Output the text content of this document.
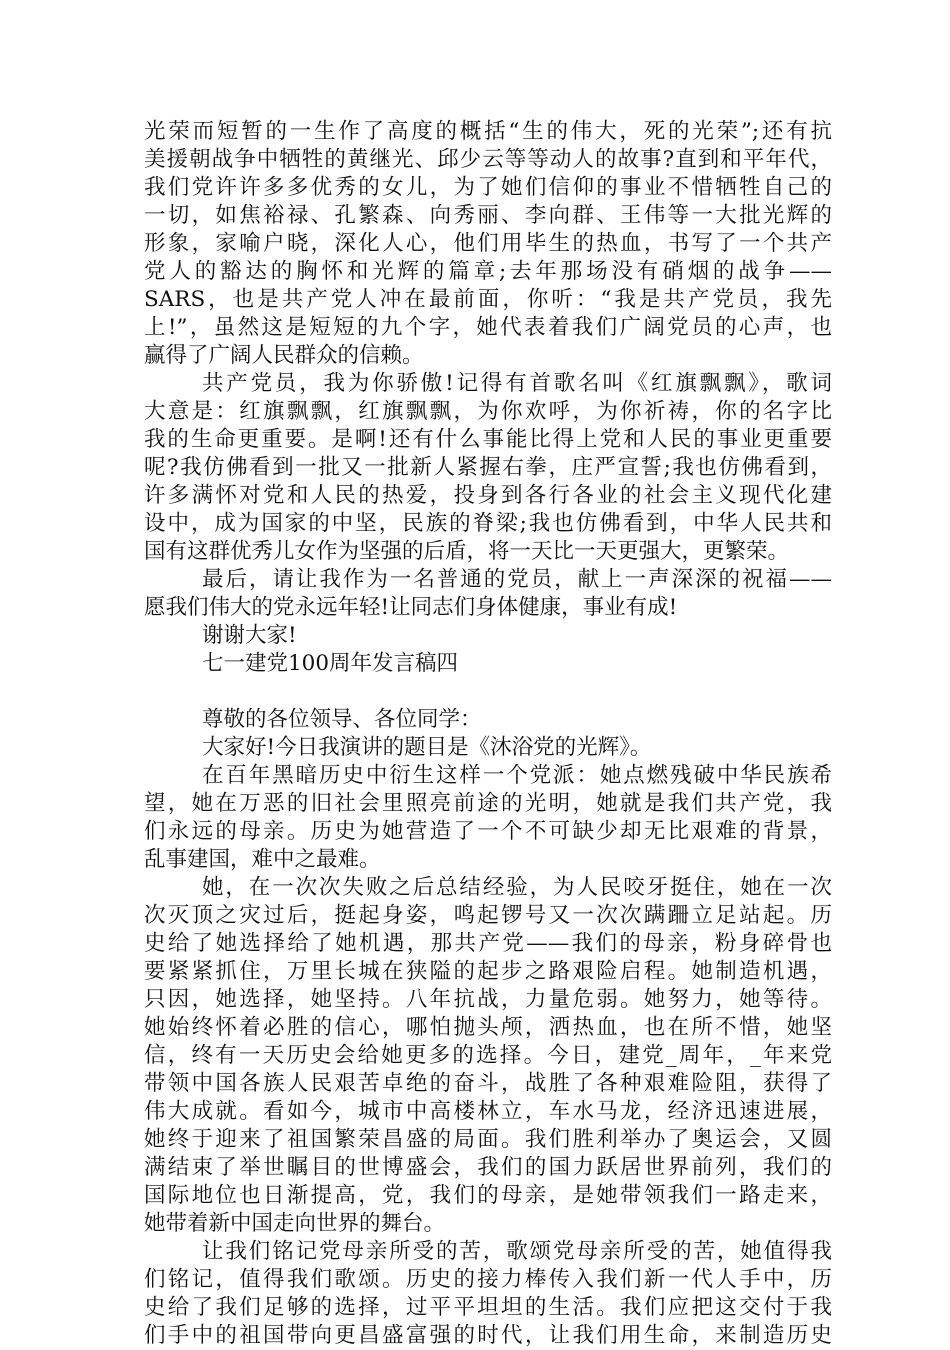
光荣而短暂的一生作了高度的概括“生的伟大，死的光荣”;还有抗
美援朝战争中牺牲的黄继光、邱少云等等动人的故事?直到和平年代，
我们党许许多多优秀的女儿，为了她们信仰的事业不惜牺牲自己的
一切，如焦裕禄、孔繁森、向秀丽、李向群、王伟等一大批光辉的
形象，家喻户晓，深化人心，他们用毕生的热血，书写了一个共产
党人的豁达的胸怀和光辉的篇章;去年那场没有硝烟的战争——
SARS，也是共产党人冲在最前面，你听：“我是共产党员，我先
上!”，虽然这是短短的九个字，她代表着我们广阔党员的心声，也
赢得了广阔人民群众的信赖。
共产党员，我为你骄傲!记得有首歌名叫《红旗飘飘》，歌词
大意是：红旗飘飘，红旗飘飘，为你欢呼，为你祈祷，你的名字比
我的生命更重要。是啊!还有什么事能比得上党和人民的事业更重要
呢?我仿佛看到一批又一批新人紧握右拳，庄严宣誓;我也仿佛看到，
许多满怀对党和人民的热爱，投身到各行各业的社会主义现代化建
设中，成为国家的中坚，民族的脊梁;我也仿佛看到，中华人民共和
国有这群优秀儿女作为坚强的后盾，将一天比一天更强大，更繁荣。
最后，请让我作为一名普通的党员，献上一声深深的祝福——
愿我们伟大的党永远年轻!让同志们身体健康，事业有成!
谢谢大家!
七一建党100周年发言稿四
尊敬的各位领导、各位同学：
大家好!今日我演讲的题目是《沐浴党的光辉》。
在百年黑暗历史中衍生这样一个党派：她点燃残破中华民族希
望，她在万恶的旧社会里照亮前途的光明，她就是我们共产党，我
们永远的母亲。历史为她营造了一个不可缺少却无比艰难的背景，
乱事建国，难中之最难。
她，在一次次失败之后总结经验，为人民咬牙挺住，她在一次
次灭顶之灾过后，挺起身姿，鸣起锣号又一次次蹒跚立足站起。历
史给了她选择给了她机遇，那共产党——我们的母亲，粉身碎骨也
要紧紧抓住，万里长城在狭隘的起步之路艰险启程。她制造机遇，
只因，她选择，她坚持。八年抗战，力量危弱。她努力，她等待。
她始终怀着必胜的信心，哪怕抛头颅，洒热血，也在所不惜，她坚
信，终有一天历史会给她更多的选择。今日，建党_周年，_年来党
带领中国各族人民艰苦卓绝的奋斗，战胜了各种艰难险阻，获得了
伟大成就。看如今，城市中高楼林立，车水马龙，经济迅速进展，
她终于迎来了祖国繁荣昌盛的局面。我们胜利举办了奥运会，又圆
满结束了举世瞩目的世博盛会，我们的国力跃居世界前列，我们的
国际地位也日渐提高，党，我们的母亲，是她带领我们一路走来，
她带着新中国走向世界的舞台。
让我们铭记党母亲所受的苦，歌颂党母亲所受的苦，她值得我
们铭记，值得我们歌颂。历史的接力棒传入我们新一代人手中，历
史给了我们足够的选择，过平平坦坦的生活。我们应把这交付于我
们手中的祖国带向更昌盛富强的时代，让我们用生命，来制造历史
